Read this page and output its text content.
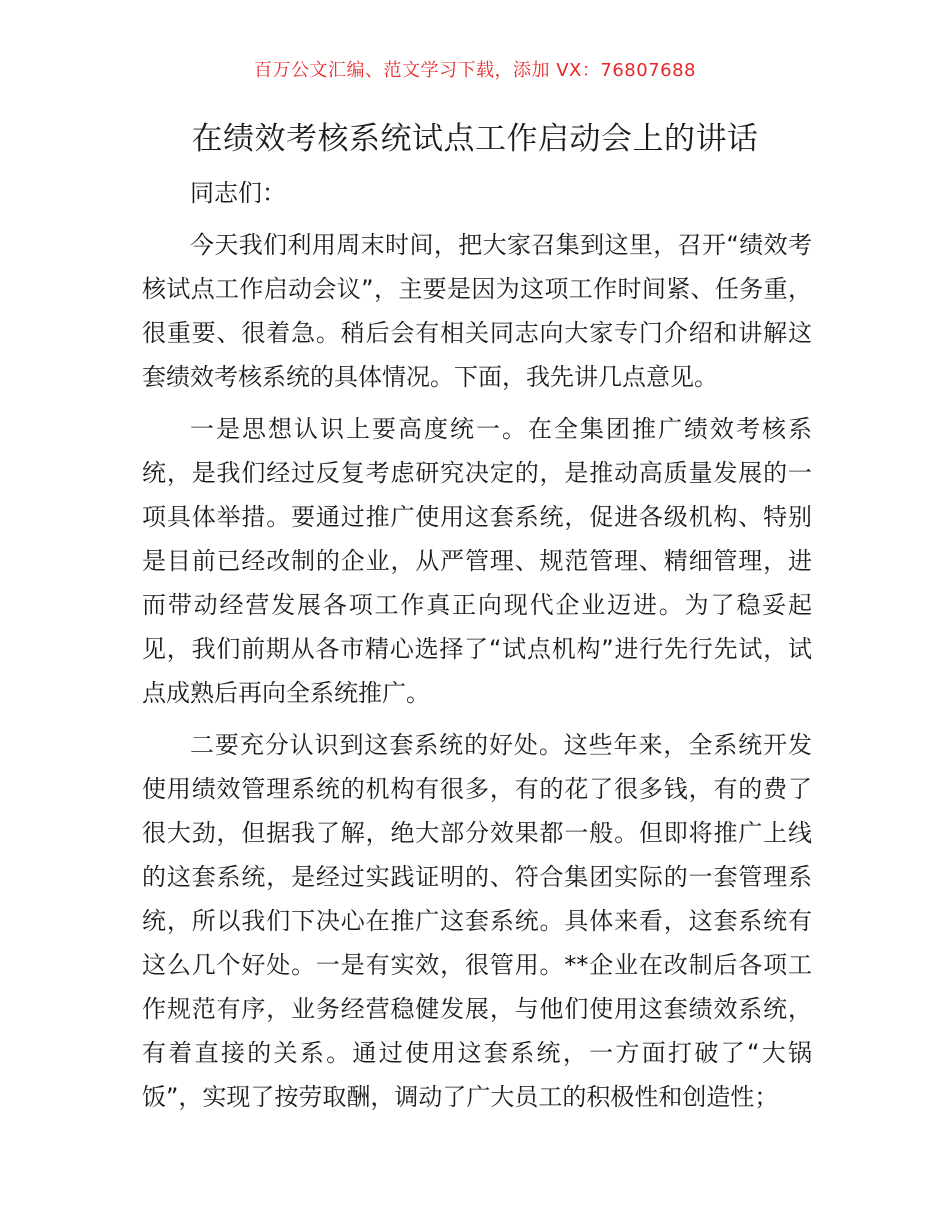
百万公文汇编、范文学习下载，添加 VX：76807688
在绩效考核系统试点工作启动会上的讲话

同志们：

今天我们利用周末时间，把大家召集到这里，召开“绩效考核试点工作启动会议”，主要是因为这项工作时间紧、任务重，很重要、很着急。稍后会有相关同志向大家专门介绍和讲解这套绩效考核系统的具体情况。下面，我先讲几点意见。

一是思想认识上要高度统一。在全集团推广绩效考核系统，是我们经过反复考虑研究决定的，是推动高质量发展的一项具体举措。要通过推广使用这套系统，促进各级机构、特别是目前已经改制的企业，从严管理、规范管理、精细管理，进而带动经营发展各项工作真正向现代企业迈进。为了稳妥起见，我们前期从各市精心选择了“试点机构”进行先行先试，试点成熟后再向全系统推广。

二要充分认识到这套系统的好处。这些年来，全系统开发使用绩效管理系统的机构有很多，有的花了很多钱，有的费了很大劲，但据我了解，绝大部分效果都一般。但即将推广上线的这套系统，是经过实践证明的、符合集团实际的一套管理系统，所以我们下决心在推广这套系统。具体来看，这套系统有这么几个好处。一是有实效，很管用。**企业在改制后各项工作规范有序，业务经营稳健发展，与他们使用这套绩效系统，有着直接的关系。通过使用这套系统，一方面打破了“大锅饭”，实现了按劳取酬，调动了广大员工的积极性和创造性；
